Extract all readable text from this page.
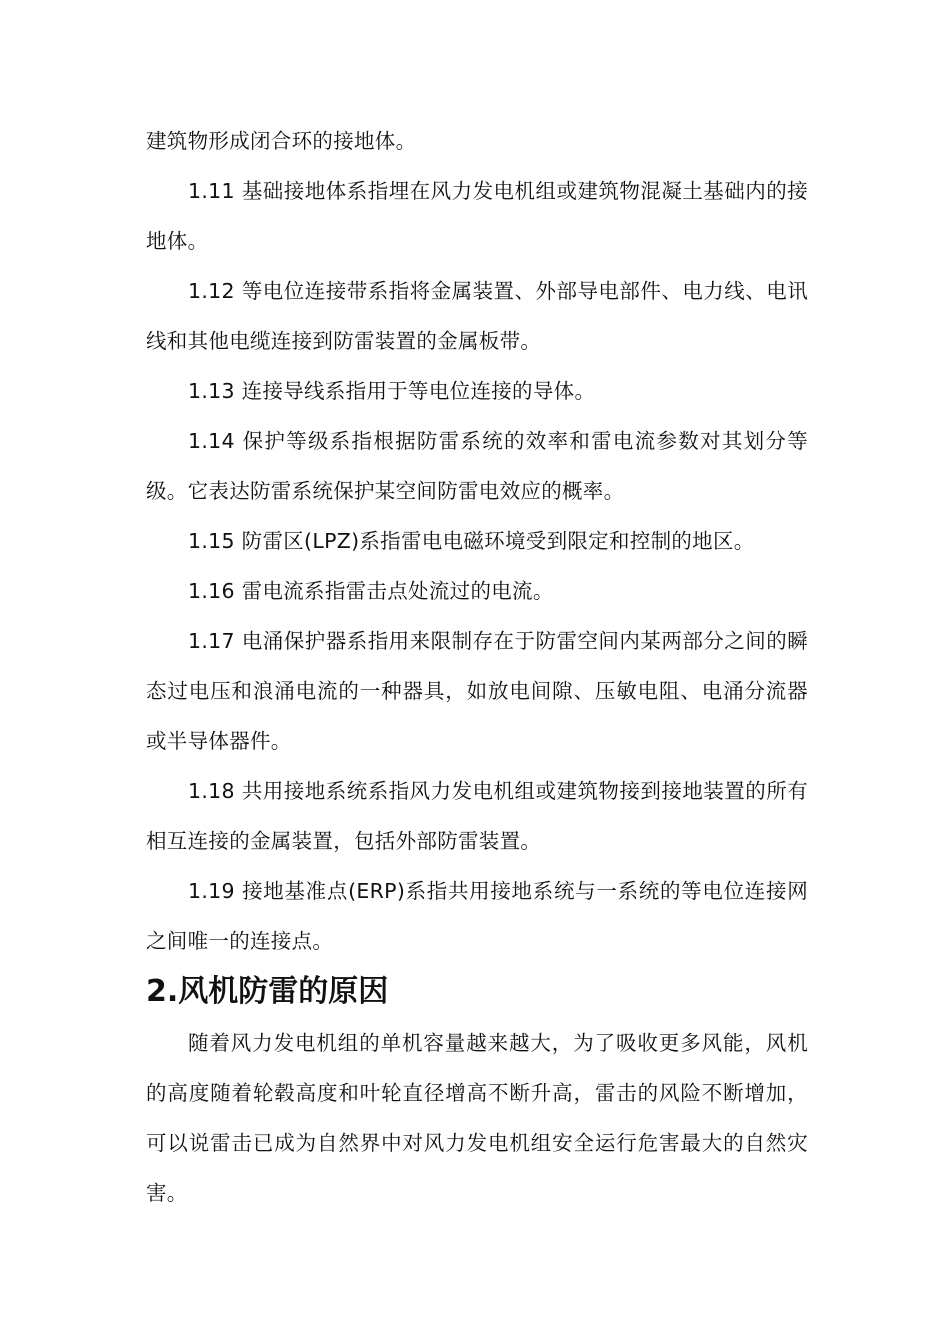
建筑物形成闭合环的接地体。

1.11 基础接地体系指埋在风力发电机组或建筑物混凝土基础内的接地体。

1.12 等电位连接带系指将金属装置、外部导电部件、电力线、电讯线和其他电缆连接到防雷装置的金属板带。

1.13 连接导线系指用于等电位连接的导体。

1.14 保护等级系指根据防雷系统的效率和雷电流参数对其划分等级。它表达防雷系统保护某空间防雷电效应的概率。

1.15 防雷区(LPZ)系指雷电电磁环境受到限定和控制的地区。

1.16 雷电流系指雷击点处流过的电流。

1.17 电涌保护器系指用来限制存在于防雷空间内某两部分之间的瞬态过电压和浪涌电流的一种器具，如放电间隙、压敏电阻、电涌分流器或半导体器件。

1.18 共用接地系统系指风力发电机组或建筑物接到接地装置的所有相互连接的金属装置，包括外部防雷装置。

1.19 接地基准点(ERP)系指共用接地系统与一系统的等电位连接网之间唯一的连接点。

2.风机防雷的原因

随着风力发电机组的单机容量越来越大，为了吸收更多风能，风机的高度随着轮毂高度和叶轮直径增高不断升高，雷击的风险不断增加，可以说雷击已成为自然界中对风力发电机组安全运行危害最大的自然灾害。
